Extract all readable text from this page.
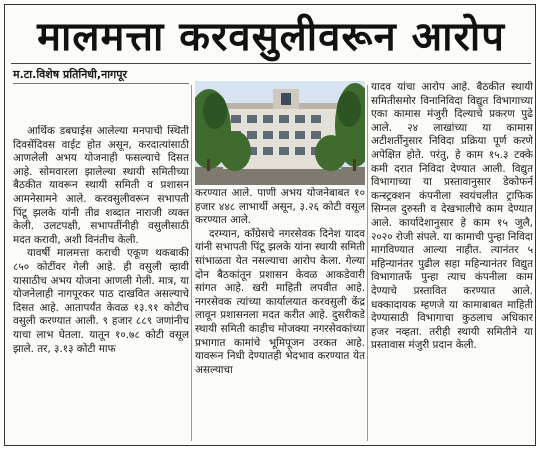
मालमत्ता करवसुलीवरून आरोप
म.टा.विशेष प्रतिनिधी,नागपूर

आर्थिक डबघाईस आलेल्या मनपाची स्थिती दिवसेंदिवस वाईट होत असून, करदात्यांसाठी आणलेली अभय योजनाही फसल्याचे दिसत आहे. सोमवारला झालेल्या स्थायी समितीच्या बैठकीत यावरून स्थायी समिती व प्रशासन आमनेसामने आले. करवसुलीवरून सभापती पिंटू झलके यांनी तीव्र शब्दात नाराजी व्यक्त केली. उलटपक्षी, सभापतींनीही वसुलीसाठी मदत करावी, अशी विनंतीच केली.

यावर्षी मालमत्ता कराची एकूण थकबाकी ८५० कोटींवर गेली आहे. ही वसुली व्हावी यासाठीच अभय योजना आणली गेली. मात्र, या योजनेलाही नागपूरकर पाठ दाखवित असल्याचे दिसत आहे. आतापर्यंत केवळ १३.९१ कोटीच वसुली करण्यात आली. ९ हजार ८८९ जणांनीच याचा लाभ घेतला. यातून १०.७८ कोटी वसूल झाले. तर, ३.१३ कोटी माफ

करण्यात आले. पाणी अभय योजनेबाबत १० हजार ४४८ लाभार्थी असून, ३.२६ कोटी वसूल करण्यात आले.

दरम्यान, काँग्रेसचे नगरसेवक दिनेश यादव यांनी सभापती पिंटू झलके यांना स्थायी समिती सांभाळता येत नसल्याचा आरोप केला. गेल्या दोन बैठकांतून प्रशासन केवळ आकडेवारी सांगत आहे. खरी माहिती लपवीत आहे. नगरसेवक त्यांच्या कार्यालयात करवसुली केंद्र लावून प्रशासनला मदत करीत आहे. दुसरीकडे स्थायी समिती काहीच मोजक्या नगरसेवकांच्या प्रभागात कामांचे भूमिपूजन उरकत आहे. यावरून निधी देण्यातही भेदभाव करण्यात येत असल्याचा

यादव यांचा आरोप आहे. बैठकीत स्थायी समितीसमोर विनानिविदा विद्युत विभागाच्या एका कामास मंजुरी दिल्याचे प्रकरण पुढे आले. २४ लाखांच्या या कामास अटीशर्तीनुसार निविदा प्रक्रिया पूर्ण करणे अपेक्षित होते. परंतु, हे काम १५.३ टक्के कमी दरात निविदा देण्यात आली. विद्युत विभागाच्या या प्रस्तावानुसार डेकोफर्न कन्स्ट्रक्शन कंपनीला स्वयंचलीत ट्राफिक सिग्नल दुरुस्ती व देखभालीचे काम देण्यात आले. कार्यादेशानुसार हे काम १५ जुलै, २०२० रोजी संपले. या कामाची पुन्हा निविदा मागविण्यात आल्या नाहीत. त्यानंतर ५ महिन्यानंतर पुढील सहा महिन्यानंतर विद्युत विभागातर्फे पुन्हा त्याच कंपनीला काम देण्याचे प्रस्तावित करण्यात आले. धक्कादायक म्हणजे या कामाबाबत माहिती देण्यासाठी विभागाचा कुठलाच अधिकार हजर नव्हता. तरीही स्थायी समितीने या प्रस्तावास मंजुरी प्रदान केली.
